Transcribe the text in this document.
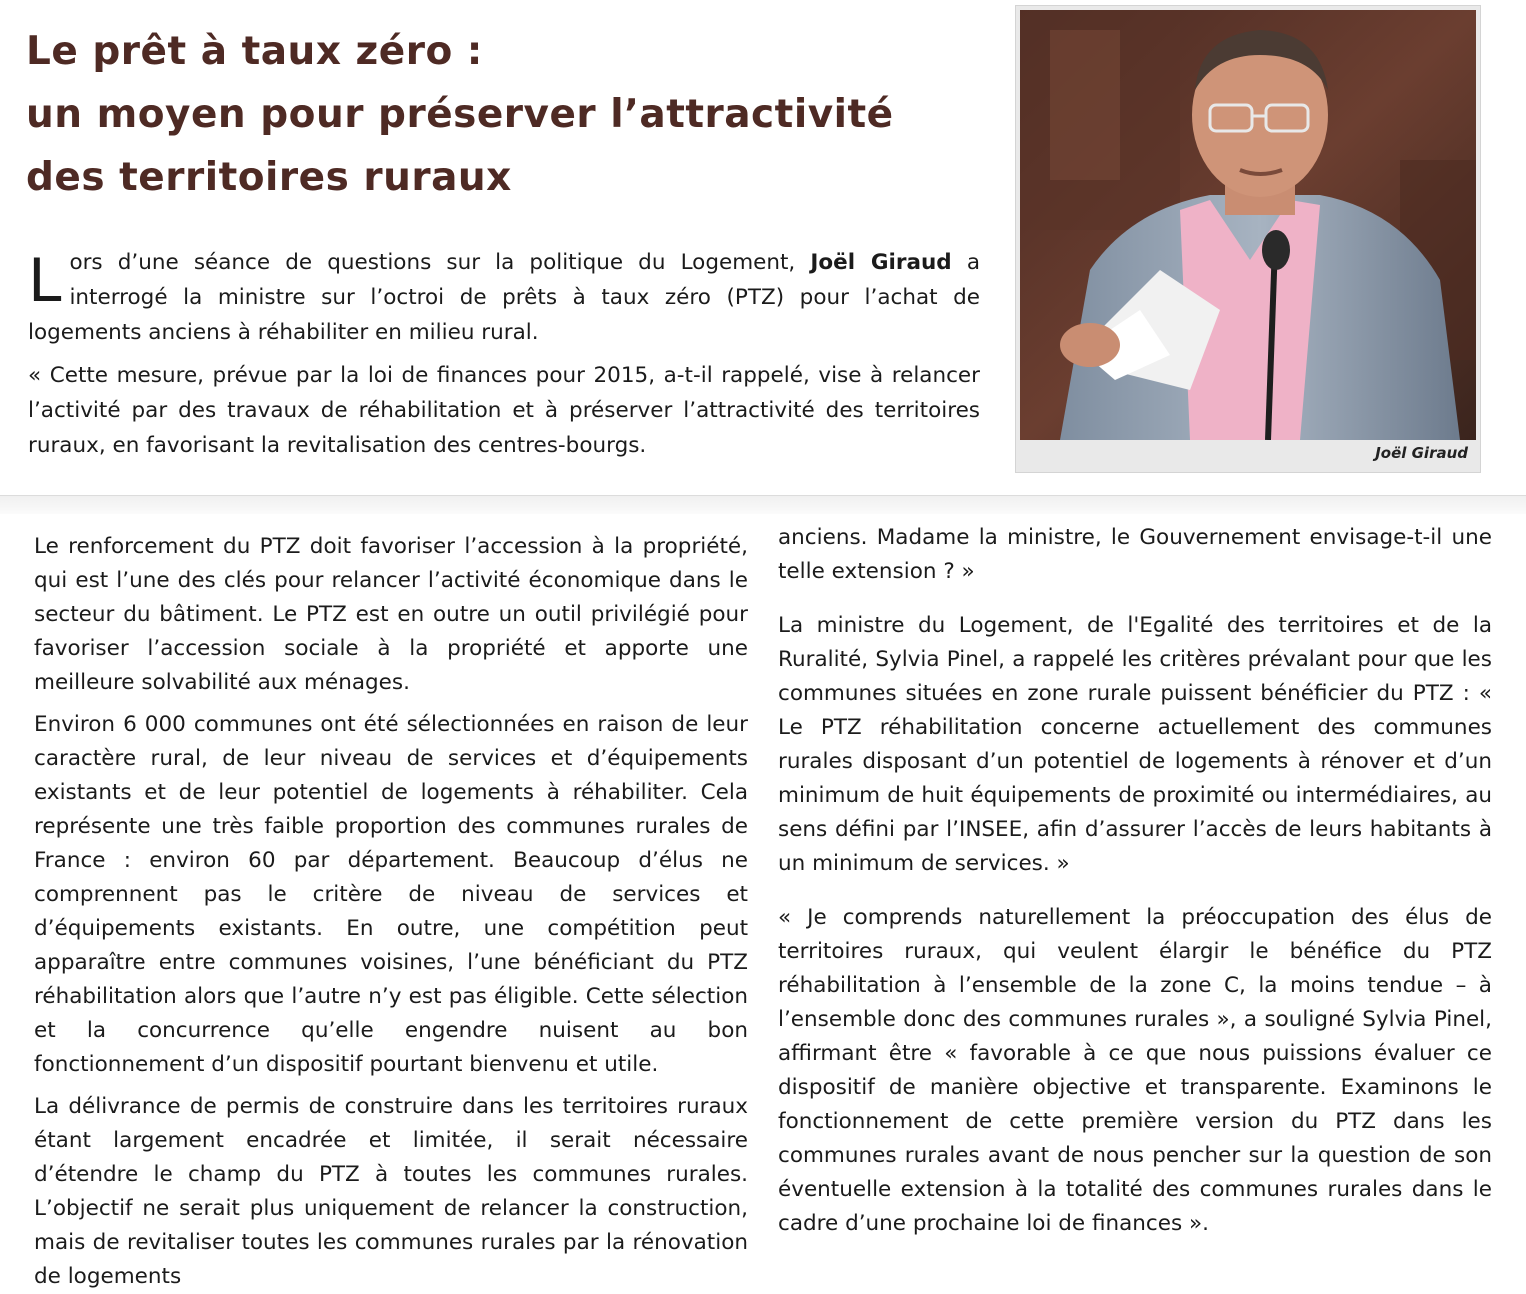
Le prêt à taux zéro :
un moyen pour préserver l’attractivité
des territoires ruraux

L ors d’une séance de questions sur la politique du Logement, Joël Giraud a interrogé la ministre sur l’octroi de prêts à taux zéro (PTZ) pour l’achat de logements anciens à réhabiliter en milieu rural.

« Cette mesure, prévue par la loi de finances pour 2015, a-t-il rappelé, vise à relancer l’activité par des travaux de réhabilitation et à préserver l’attractivité des territoires ruraux, en favorisant la revitalisation des centres-bourgs.	Joël Giraud

Le renforcement du PTZ doit favoriser l’accession à la propriété, qui est l’une des clés pour relancer l’activité économique dans le secteur du bâtiment. Le PTZ est en outre un outil privilégié pour favoriser l’accession sociale à la propriété et apporte une meilleure solvabilité aux ménages.

Environ 6 000 communes ont été sélectionnées en raison de leur caractère rural, de leur niveau de services et d’équipements existants et de leur potentiel de logements à réhabiliter. Cela représente une très faible proportion des communes rurales de France : environ 60 par département. Beaucoup d’élus ne comprennent pas le critère de niveau de services et d’équipements existants. En outre, une compétition peut apparaître entre communes voisines, l’une bénéficiant du PTZ réhabilitation alors que l’autre n’y est pas éligible. Cette sélection et la concurrence qu’elle engendre nuisent au bon fonctionnement d’un dispositif pourtant bienvenu et utile.

La délivrance de permis de construire dans les territoires ruraux étant largement encadrée et limitée, il serait nécessaire d’étendre le champ du PTZ à toutes les communes rurales. L’objectif ne serait plus uniquement de relancer la construction, mais de revitaliser toutes les communes rurales par la rénovation de logements

anciens. Madame la ministre, le Gouvernement envisage-t-il une telle extension ? »

La ministre du Logement, de l'Egalité des territoires et de la Ruralité, Sylvia Pinel, a rappelé les critères prévalant pour que les communes situées en zone rurale puissent bénéficier du PTZ : « Le PTZ réhabilitation concerne actuellement des communes rurales disposant d’un potentiel de logements à rénover et d’un minimum de huit équipements de proximité ou intermédiaires, au sens défini par l’INSEE, afin d’assurer l’accès de leurs habitants à un minimum de services. »

« Je comprends naturellement la préoccupation des élus de territoires ruraux, qui veulent élargir le bénéfice du PTZ réhabilitation à l’ensemble de la zone C, la moins tendue – à l’ensemble donc des communes rurales », a souligné Sylvia Pinel, affirmant être « favorable à ce que nous puissions évaluer ce dispositif de manière objective et transparente. Examinons le fonctionnement de cette première version du PTZ dans les communes rurales avant de nous pencher sur la question de son éventuelle extension à la totalité des communes rurales dans le cadre d’une prochaine loi de finances ».
